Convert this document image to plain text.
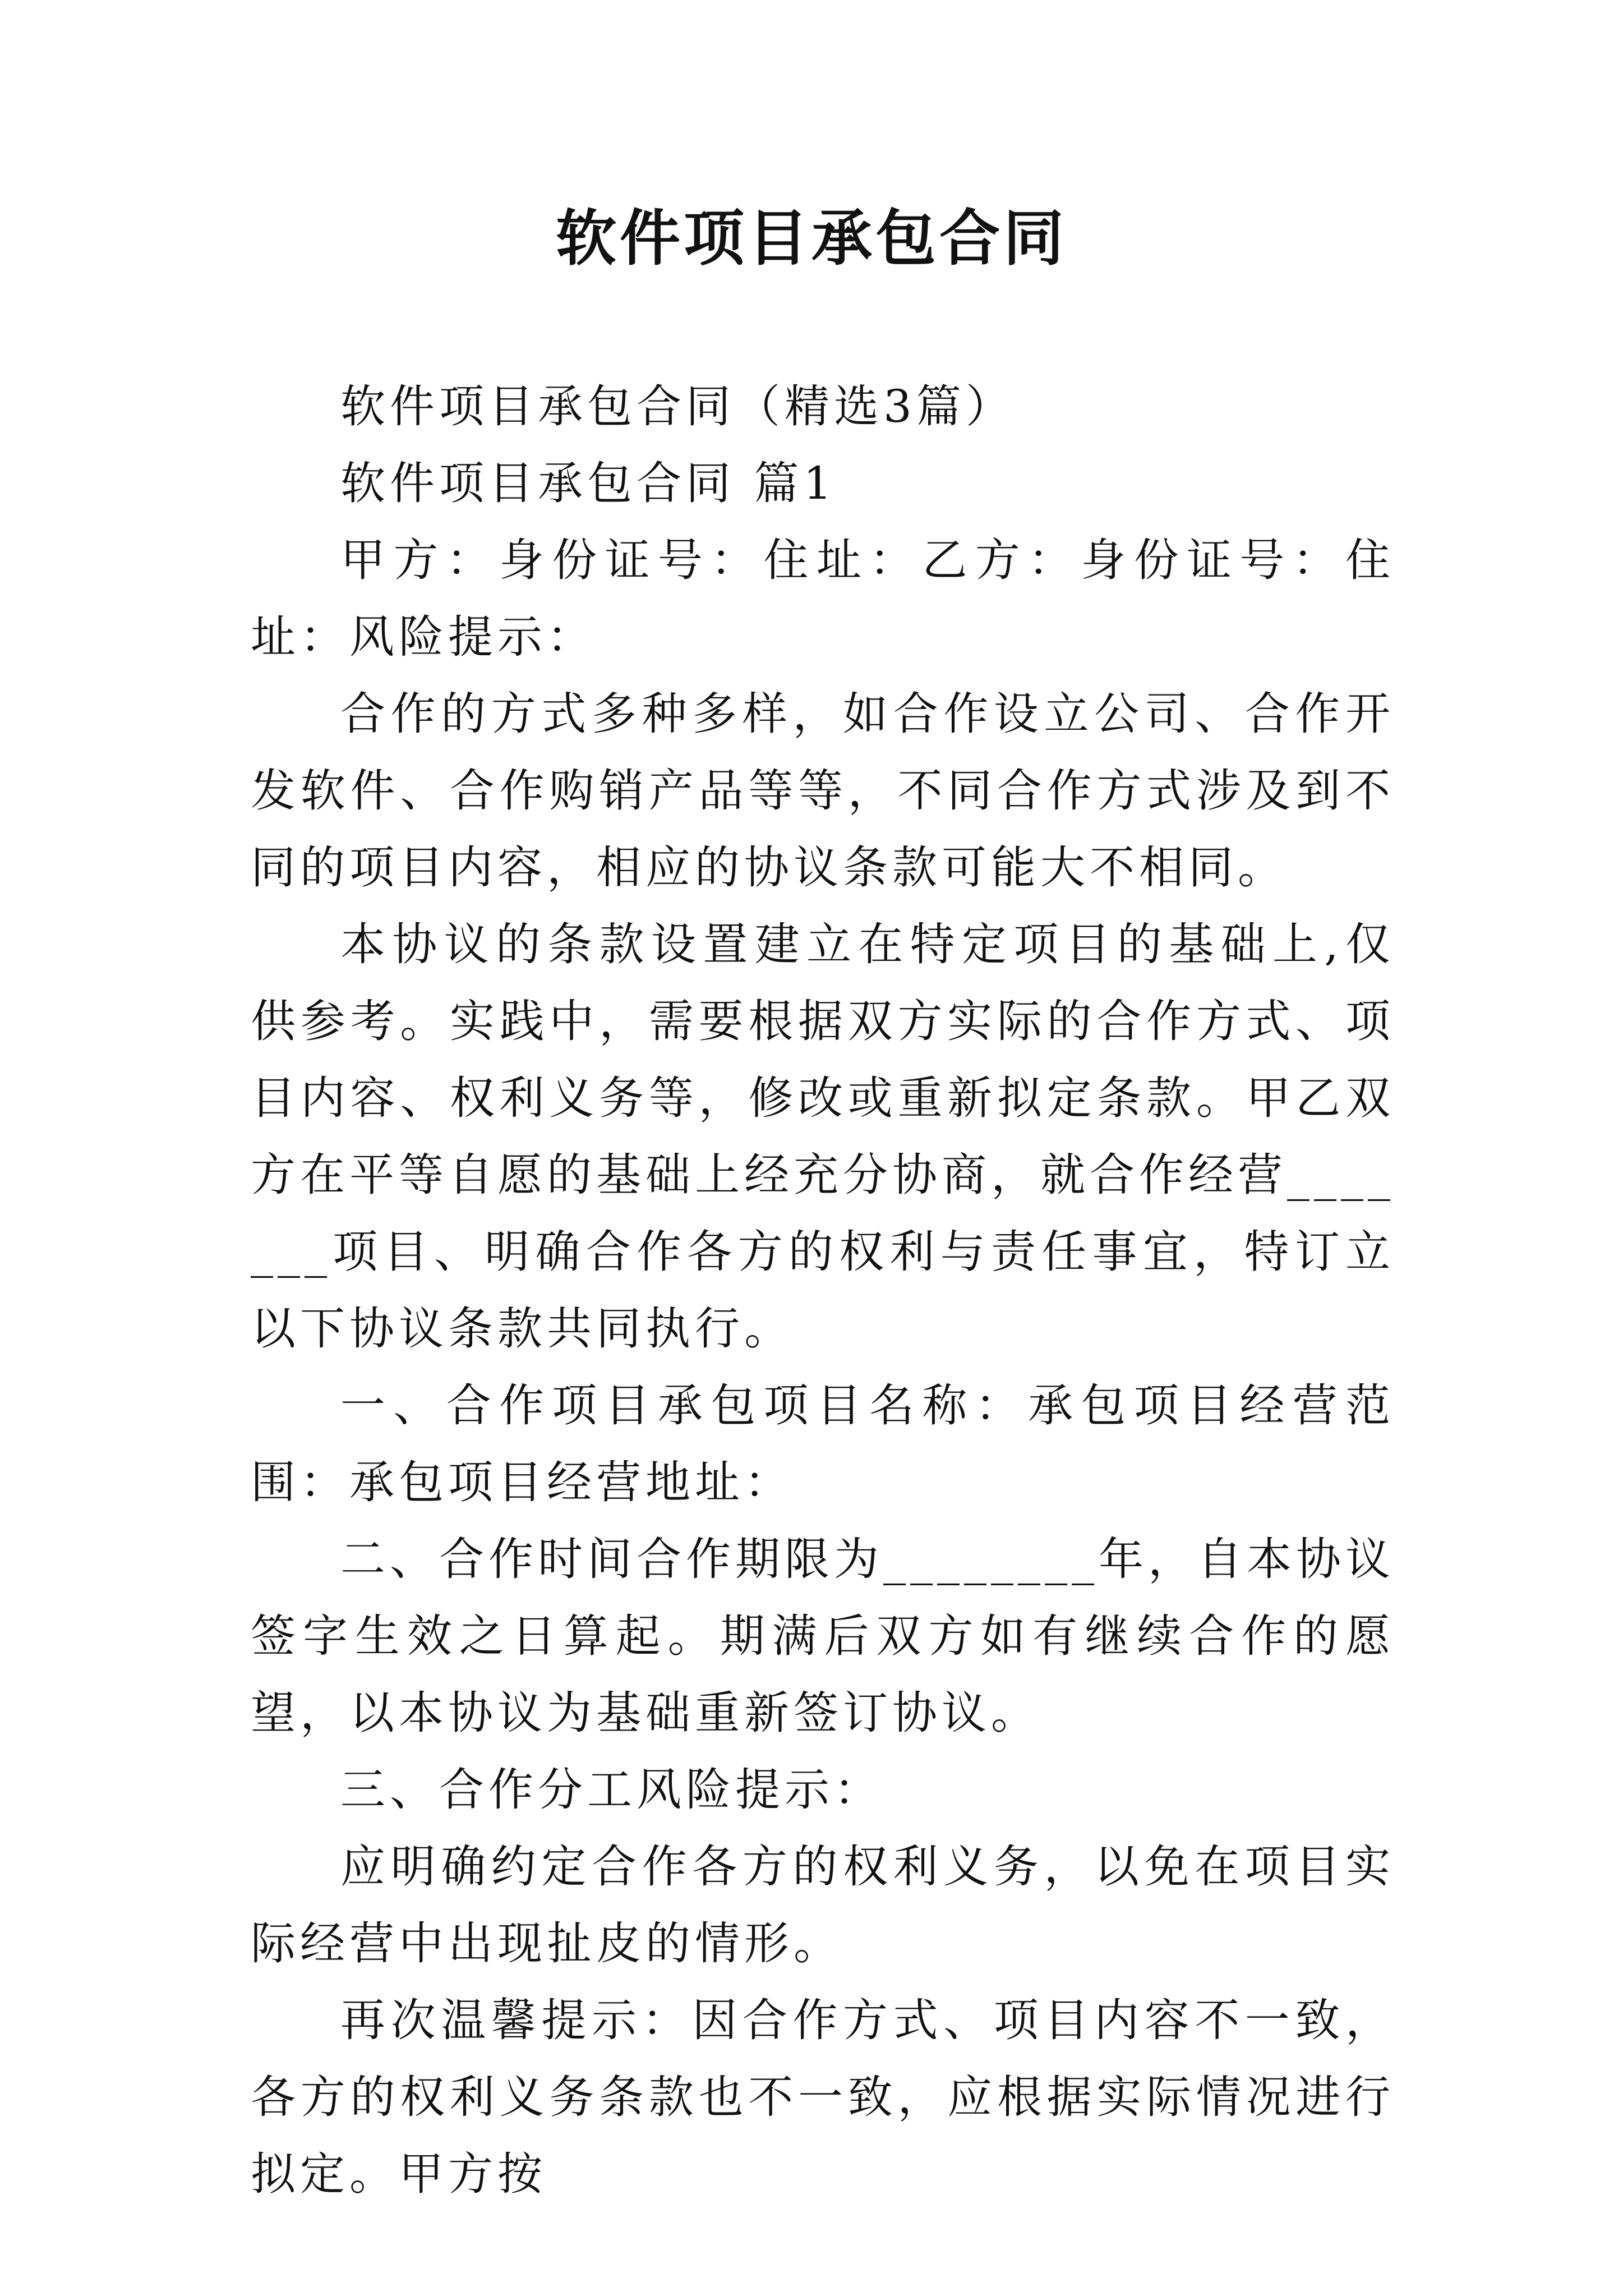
软件项目承包合同

软件项目承包合同（精选3篇）

软件项目承包合同 篇1

甲方：身份证号：住址：乙方：身份证号：住址：风险提示：

合作的方式多种多样，如合作设立公司、合作开发软件、合作购销产品等等，不同合作方式涉及到不同的项目内容，相应的协议条款可能大不相同。

本协议的条款设置建立在特定项目的基础上,仅供参考。实践中，需要根据双方实际的合作方式、项目内容、权利义务等，修改或重新拟定条款。甲乙双方在平等自愿的基础上经充分协商，就合作经营_______项目、明确合作各方的权利与责任事宜，特订立以下协议条款共同执行。

一、合作项目承包项目名称：承包项目经营范围：承包项目经营地址：

二、合作时间合作期限为________年，自本协议签字生效之日算起。期满后双方如有继续合作的愿望，以本协议为基础重新签订协议。

三、合作分工风险提示：

应明确约定合作各方的权利义务，以免在项目实际经营中出现扯皮的情形。

再次温馨提示：因合作方式、项目内容不一致，各方的权利义务条款也不一致，应根据实际情况进行拟定。甲方按
